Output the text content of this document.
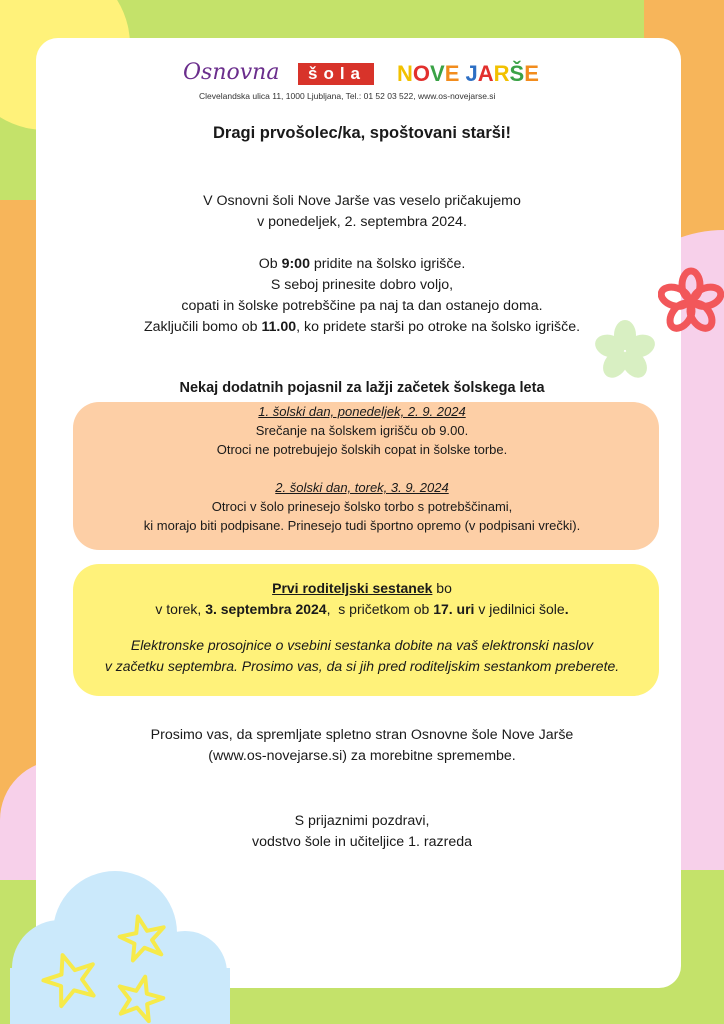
Osnovna	šola	NOVE JARŠE
Clevelandska ulica 11, 1000 Ljubljana, Tel.: 01 52 03 522, www.os-novejarse.si
Dragi prvošolec/ka, spoštovani starši!
V Osnovni šoli Nove Jarše vas veselo pričakujemo
v ponedeljek, 2. septembra 2024.
Ob 9:00 pridite na šolsko igrišče.
S seboj prinesite dobro voljo,
copati in šolske potrebščine pa naj ta dan ostanejo doma.
Zaključili bomo ob 11.00, ko pridete starši po otroke na šolsko igrišče.
Nekaj dodatnih pojasnil za lažji začetek šolskega leta
1. šolski dan, ponedeljek, 2. 9. 2024
Srečanje na šolskem igrišču ob 9.00.
Otroci ne potrebujejo šolskih copat in šolske torbe.
2. šolski dan, torek, 3. 9. 2024
Otroci v šolo prinesejo šolsko torbo s potrebščinami,
ki morajo biti podpisane. Prinesejo tudi športno opremo (v podpisani vrečki).
Prvi roditeljski sestanek bo
v torek, 3. septembra 2024,  s pričetkom ob 17. uri v jedilnici šole.
Elektronske prosojnice o vsebini sestanka dobite na vaš elektronski naslov
v začetku septembra. Prosimo vas, da si jih pred roditeljskim sestankom preberete.
Prosimo vas, da spremljate spletno stran Osnovne šole Nove Jarše
(www.os-novejarse.si) za morebitne spremembe.
S prijaznimi pozdravi,
vodstvo šole in učiteljice 1. razreda
